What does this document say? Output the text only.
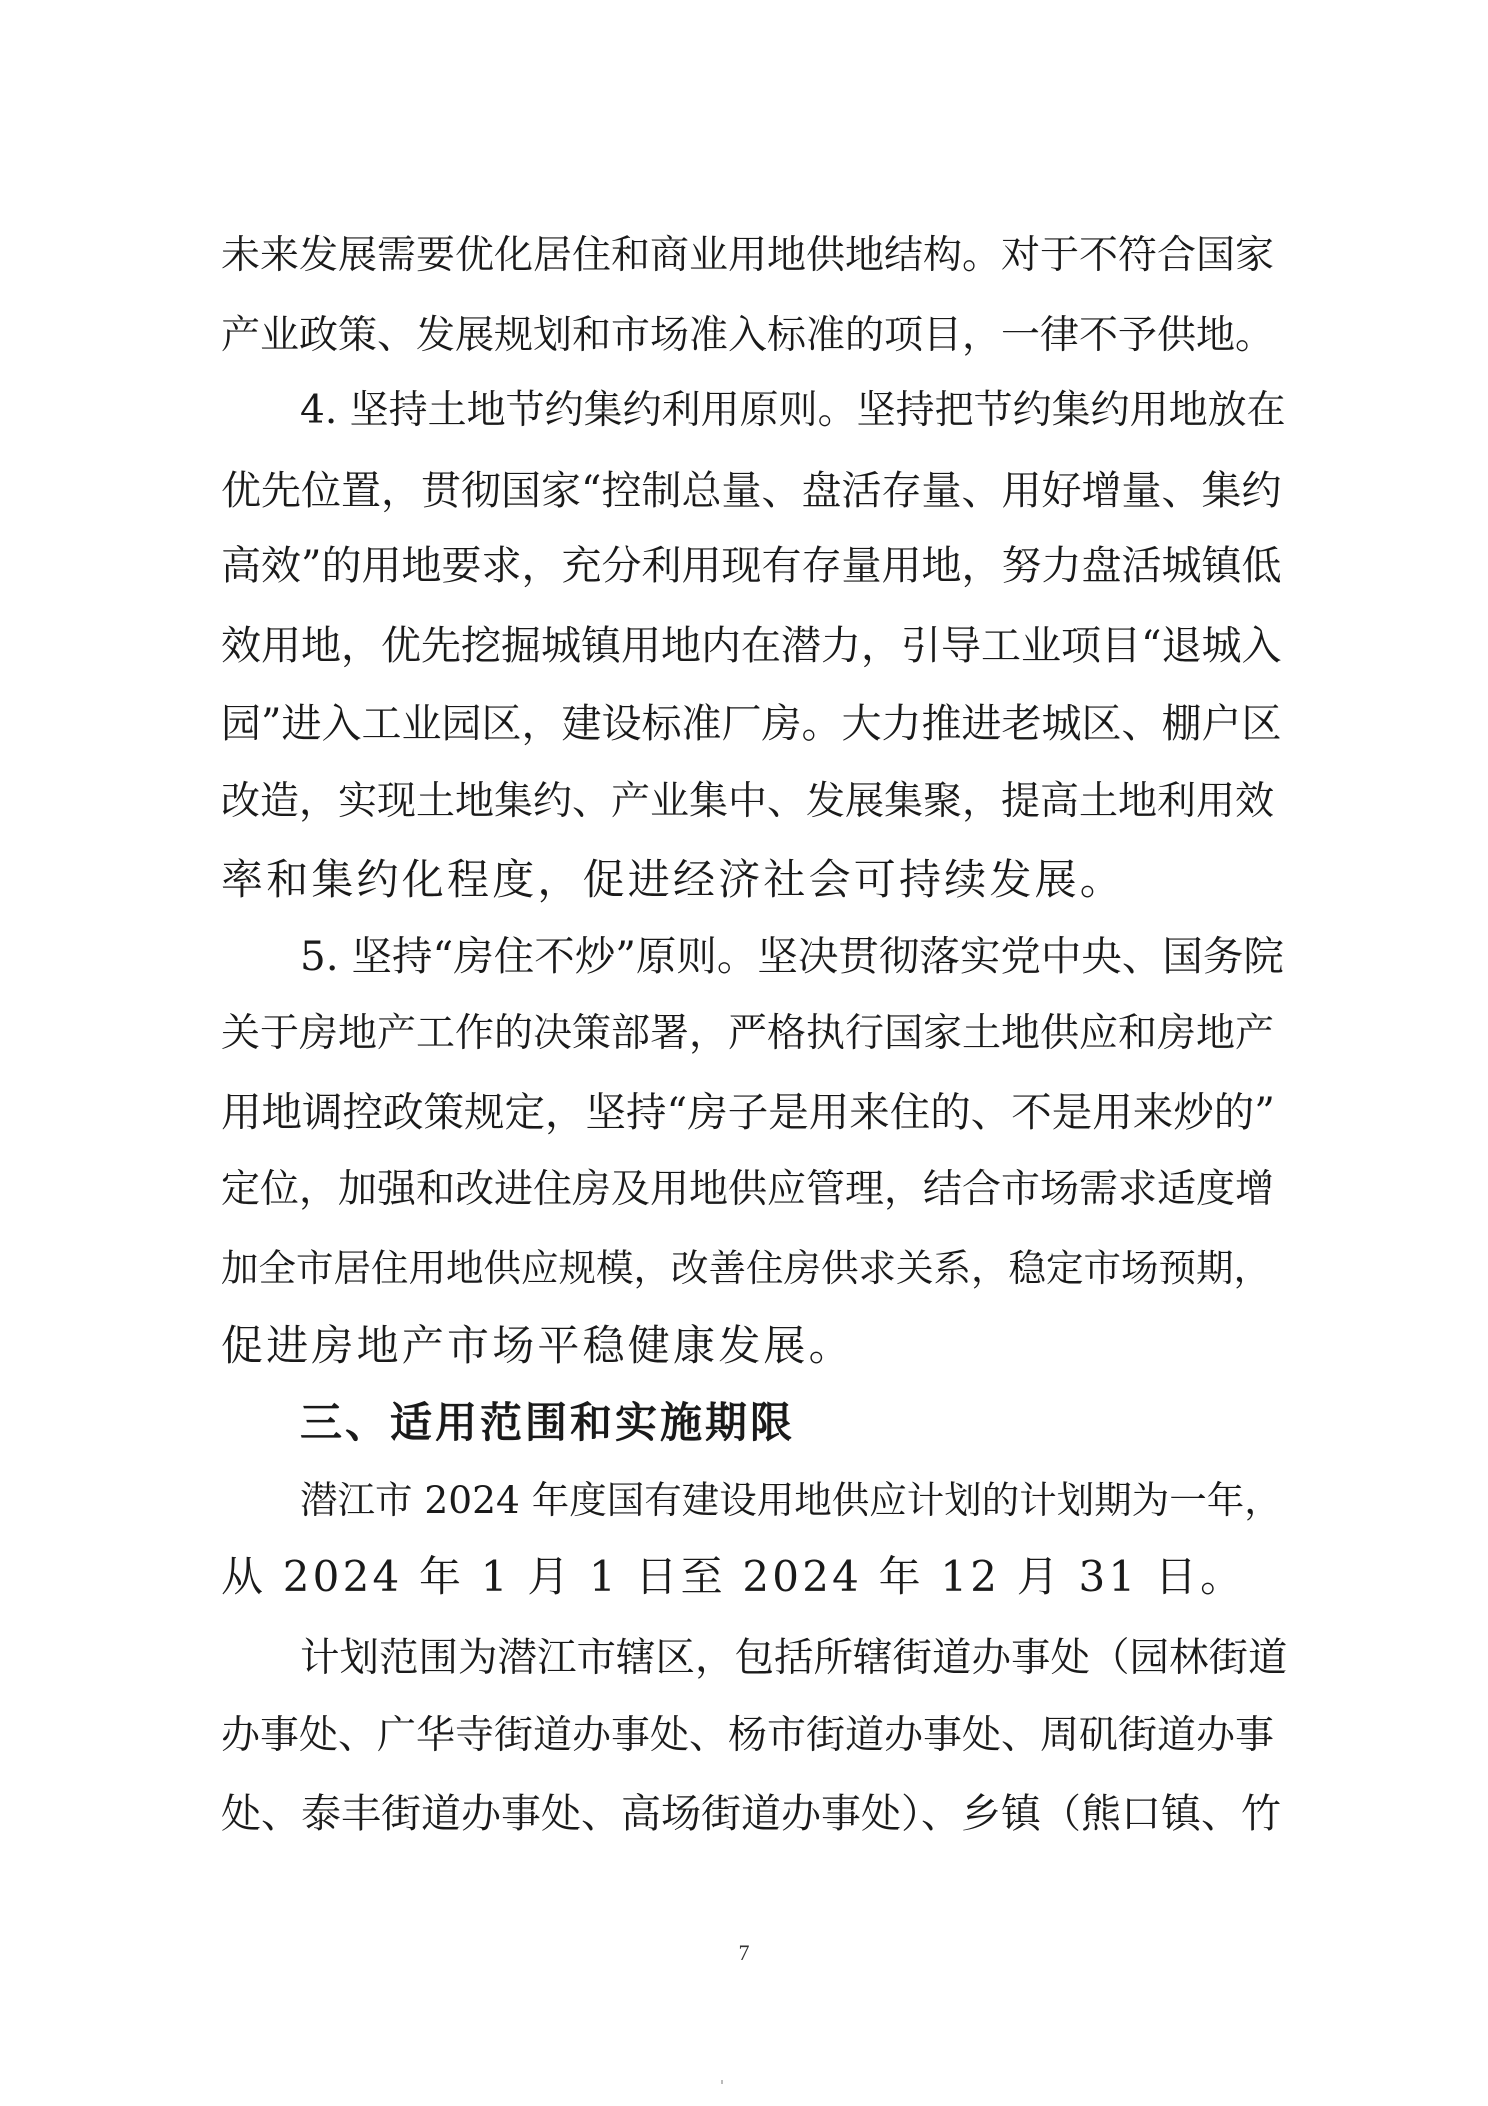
未来发展需要优化居住和商业用地供地结构。对于不符合国家
产业政策、发展规划和市场准入标准的项目，一律不予供地。
4. 坚持土地节约集约利用原则。坚持把节约集约用地放在
优先位置，贯彻国家“控制总量、盘活存量、用好增量、集约
高效”的用地要求，充分利用现有存量用地，努力盘活城镇低
效用地，优先挖掘城镇用地内在潜力，引导工业项目“退城入
园”进入工业园区，建设标准厂房。大力推进老城区、棚户区
改造，实现土地集约、产业集中、发展集聚，提高土地利用效
率和集约化程度，促进经济社会可持续发展。
5. 坚持“房住不炒”原则。坚决贯彻落实党中央、国务院
关于房地产工作的决策部署，严格执行国家土地供应和房地产
用地调控政策规定，坚持“房子是用来住的、不是用来炒的”
定位，加强和改进住房及用地供应管理，结合市场需求适度增
加全市居住用地供应规模，改善住房供求关系，稳定市场预期，
促进房地产市场平稳健康发展。
三、适用范围和实施期限
潜江市 2024 年度国有建设用地供应计划的计划期为一年，
从 2024 年 1 月 1 日至 2024 年 12 月 31 日。
计划范围为潜江市辖区，包括所辖街道办事处（园林街道
办事处、广华寺街道办事处、杨市街道办事处、周矶街道办事
处、泰丰街道办事处、高场街道办事处）、乡镇（熊口镇、竹
7
